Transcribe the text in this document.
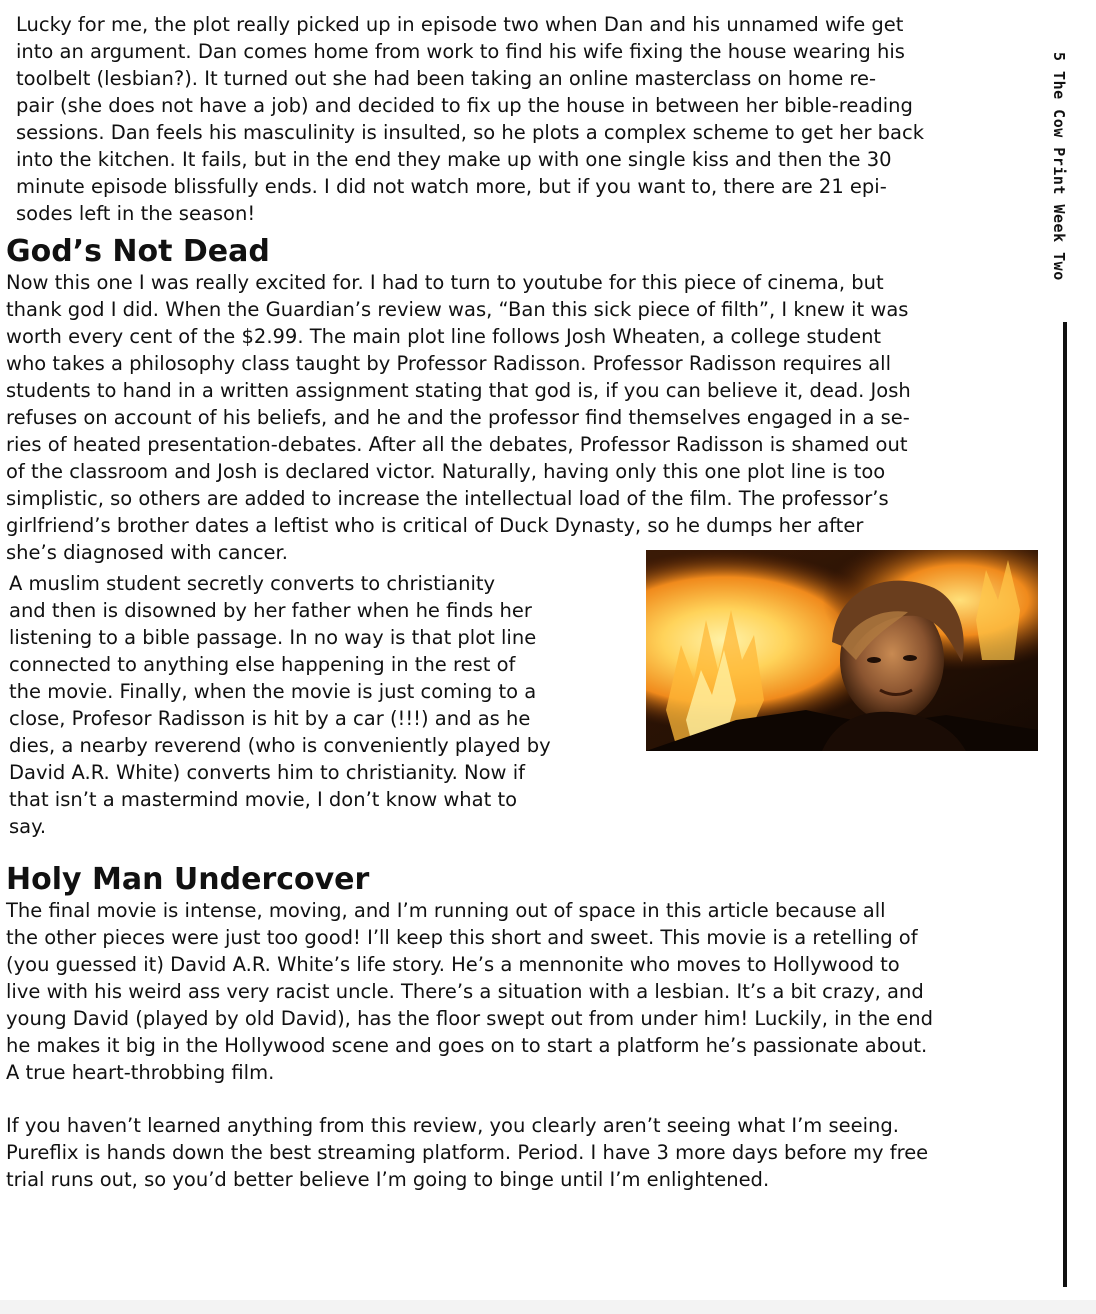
Lucky for me, the plot really picked up in episode two when Dan and his unnamed wife get
into an argument. Dan comes home from work to find his wife fixing the house wearing his
toolbelt (lesbian?). It turned out she had been taking an online masterclass on home re-
pair (she does not have a job) and decided to fix up the house in between her bible-reading
sessions. Dan feels his masculinity is insulted, so he plots a complex scheme to get her back
into the kitchen. It fails, but in the end they make up with one single kiss and then the 30
minute episode blissfully ends. I did not watch more, but if you want to, there are 21 epi-
sodes left in the season!

God’s Not Dead

Now this one I was really excited for. I had to turn to youtube for this piece of cinema, but
thank god I did. When the Guardian’s review was, “Ban this sick piece of filth”, I knew it was
worth every cent of the $2.99. The main plot line follows Josh Wheaten, a college student
who takes a philosophy class taught by Professor Radisson. Professor Radisson requires all
students to hand in a written assignment stating that god is, if you can believe it, dead. Josh
refuses on account of his beliefs, and he and the professor find themselves engaged in a se-
ries of heated presentation-debates. After all the debates, Professor Radisson is shamed out
of the classroom and Josh is declared victor. Naturally, having only this one plot line is too
simplistic, so others are added to increase the intellectual load of the film. The professor’s
girlfriend’s brother dates a leftist who is critical of Duck Dynasty, so he dumps her after
she’s diagnosed with cancer.

A muslim student secretly converts to christianity
and then is disowned by her father when he finds her
listening to a bible passage. In no way is that plot line
connected to anything else happening in the rest of
the movie. Finally, when the movie is just coming to a
close, Profesor Radisson is hit by a car (!!!) and as he
dies, a nearby reverend (who is conveniently played by
David A.R. White) converts him to christianity. Now if
that isn’t a mastermind movie, I don’t know what to
say.

Holy Man Undercover

The final movie is intense, moving, and I’m running out of space in this article because all
the other pieces were just too good! I’ll keep this short and sweet. This movie is a retelling of
(you guessed it) David A.R. White’s life story. He’s a mennonite who moves to Hollywood to
live with his weird ass very racist uncle. There’s a situation with a lesbian. It’s a bit crazy, and
young David (played by old David), has the floor swept out from under him! Luckily, in the end
he makes it big in the Hollywood scene and goes on to start a platform he’s passionate about.
A true heart-throbbing film.

If you haven’t learned anything from this review, you clearly aren’t seeing what I’m seeing.
Pureflix is hands down the best streaming platform. Period. I have 3 more days before my free
trial runs out, so you’d better believe I’m going to binge until I’m enlightened.

5 The Cow Print Week Two
